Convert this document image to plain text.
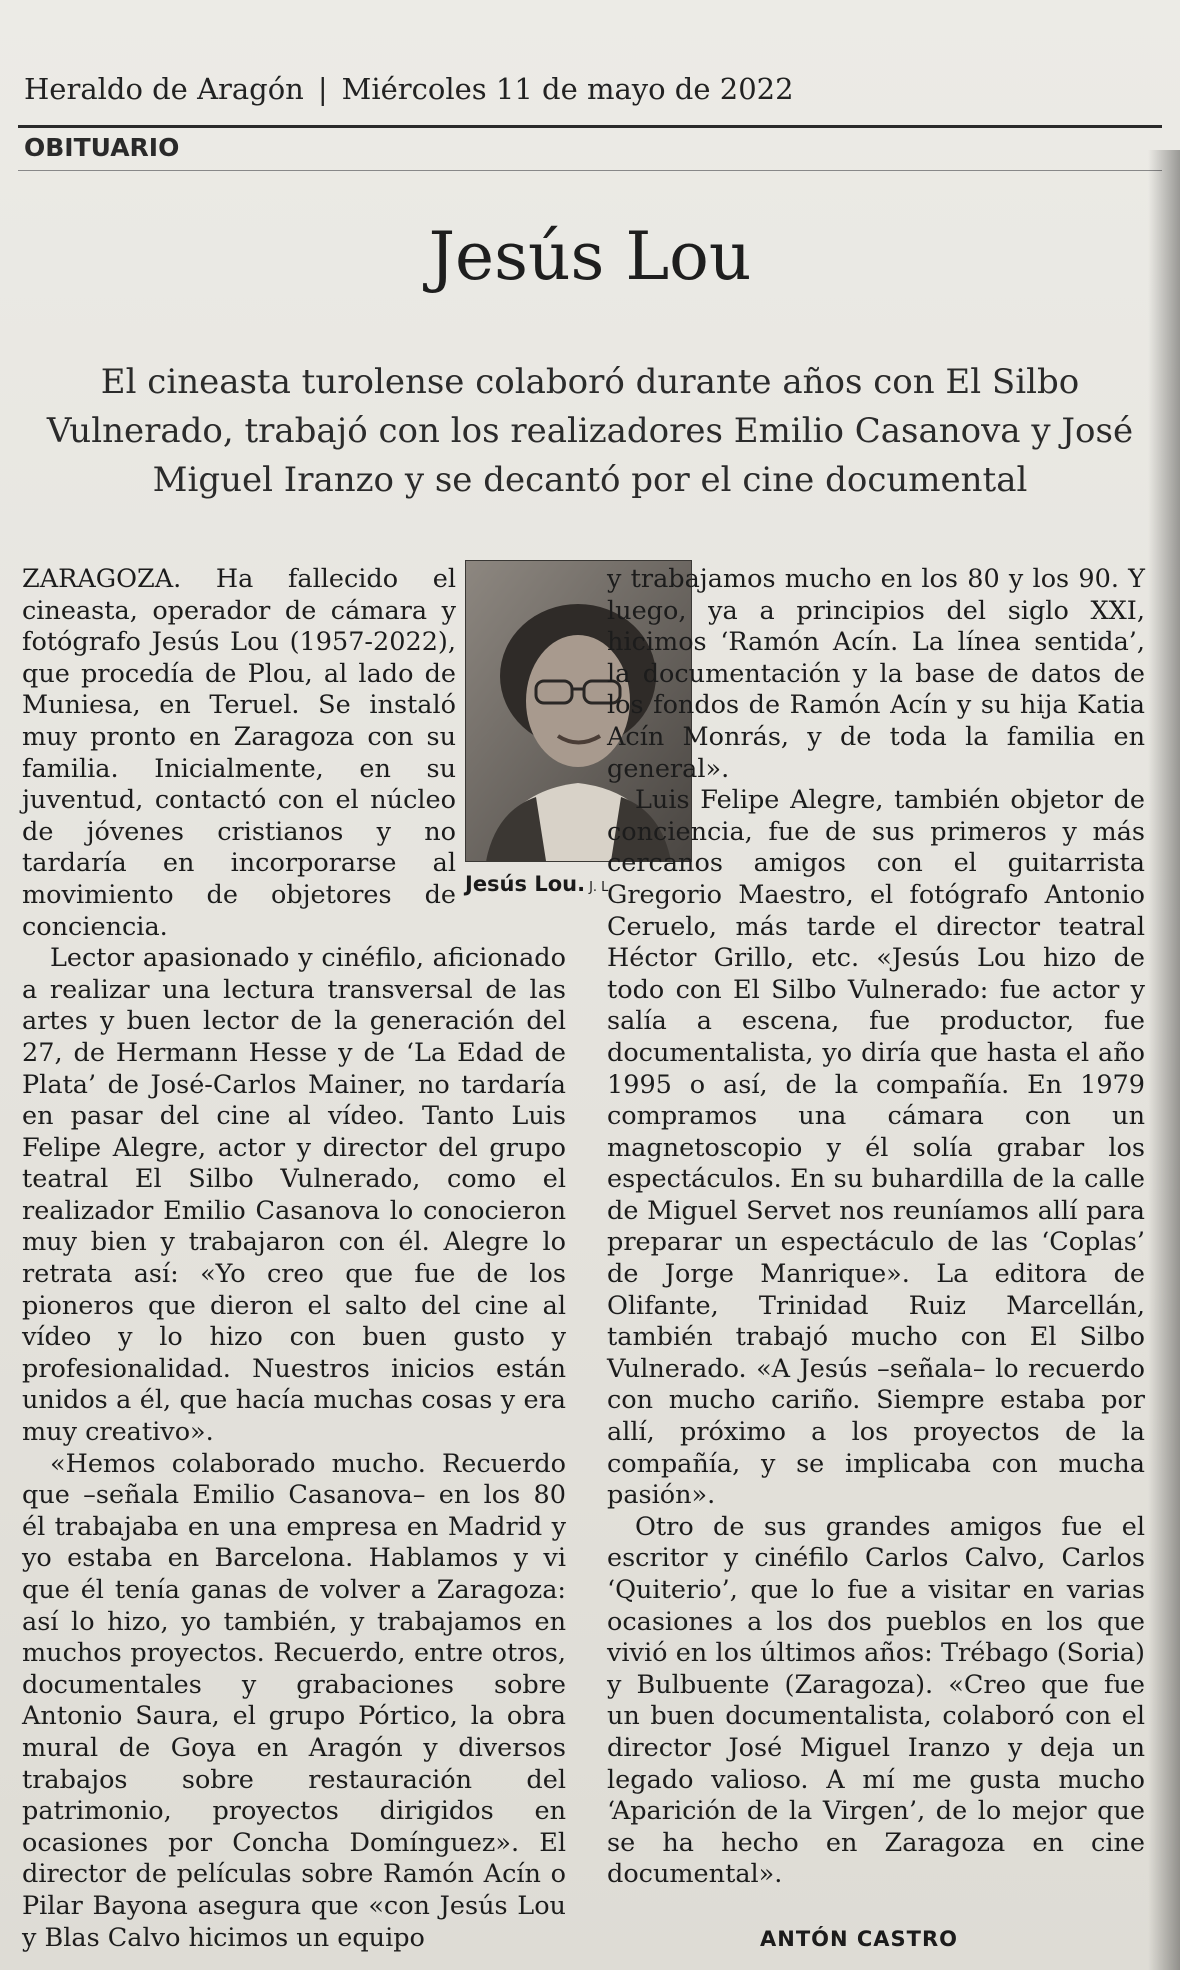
Heraldo de Aragón | Miércoles 11 de mayo de 2022
OBITUARIO
Jesús Lou
El cineasta turolense colaboró durante años con El Silbo Vulnerado, trabajó con los realizadores Emilio Casanova y José Miguel Iranzo y se decantó por el cine documental
Jesús Lou. J. L.

ZARAGOZA. Ha fallecido el cineasta, operador de cámara y fotógrafo Jesús Lou (1957-2022), que procedía de Plou, al lado de Muniesa, en Teruel. Se instaló muy pronto en Zaragoza con su familia. Inicialmente, en su juventud, contactó con el núcleo de jóvenes cristianos y no tardaría en incorporarse al movimiento de objetores de conciencia.

Lector apasionado y cinéfilo, aficionado a realizar una lectura transversal de las artes y buen lector de la generación del 27, de Hermann Hesse y de ‘La Edad de Plata’ de José-Carlos Mainer, no tardaría en pasar del cine al vídeo. Tanto Luis Felipe Alegre, actor y director del grupo teatral El Silbo Vulnerado, como el realizador Emilio Casanova lo conocieron muy bien y trabajaron con él. Alegre lo retrata así: «Yo creo que fue de los pioneros que dieron el salto del cine al vídeo y lo hizo con buen gusto y profesionalidad. Nuestros inicios están unidos a él, que hacía muchas cosas y era muy creativo».

«Hemos colaborado mucho. Recuerdo que –señala Emilio Casanova– en los 80 él trabajaba en una empresa en Madrid y yo estaba en Barcelona. Hablamos y vi que él tenía ganas de volver a Zaragoza: así lo hizo, yo también, y trabajamos en muchos proyectos. Recuerdo, entre otros, documentales y grabaciones sobre Antonio Saura, el grupo Pórtico, la obra mural de Goya en Aragón y diversos trabajos sobre restauración del patrimonio, proyectos dirigidos en ocasiones por Concha Domínguez». El director de películas sobre Ramón Acín o Pilar Bayona asegura que «con Jesús Lou y Blas Calvo hicimos un equipo

y trabajamos mucho en los 80 y los 90. Y luego, ya a principios del siglo XXI, hicimos ‘Ramón Acín. La línea sentida’, la documentación y la base de datos de los fondos de Ramón Acín y su hija Katia Acín Monrás, y de toda la familia en general».

Luis Felipe Alegre, también objetor de conciencia, fue de sus primeros y más cercanos amigos con el guitarrista Gregorio Maestro, el fotógrafo Antonio Ceruelo, más tarde el director teatral Héctor Grillo, etc. «Jesús Lou hizo de todo con El Silbo Vulnerado: fue actor y salía a escena, fue productor, fue documentalista, yo diría que hasta el año 1995 o así, de la compañía. En 1979 compramos una cámara con un magnetoscopio y él solía grabar los espectáculos. En su buhardilla de la calle de Miguel Servet nos reuníamos allí para preparar un espectáculo de las ‘Coplas’ de Jorge Manrique». La editora de Olifante, Trinidad Ruiz Marcellán, también trabajó mucho con El Silbo Vulnerado. «A Jesús –señala– lo recuerdo con mucho cariño. Siempre estaba por allí, próximo a los proyectos de la compañía, y se implicaba con mucha pasión».

Otro de sus grandes amigos fue el escritor y cinéfilo Carlos Calvo, Carlos ‘Quiterio’, que lo fue a visitar en varias ocasiones a los dos pueblos en los que vivió en los últimos años: Trébago (Soria) y Bulbuente (Zaragoza). «Creo que fue un buen documentalista, colaboró con el director José Miguel Iranzo y deja un legado valioso. A mí me gusta mucho ‘Aparición de la Virgen’, de lo mejor que se ha hecho en Zaragoza en cine documental».

ANTÓN CASTRO
